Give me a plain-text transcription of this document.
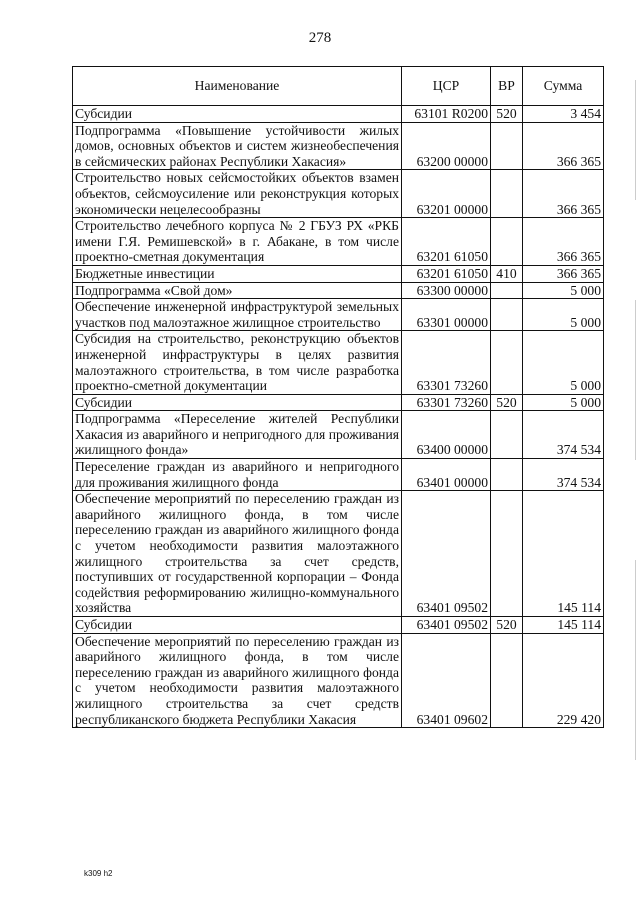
278
Наименование	ЦСР	ВР	Сумма
Субсидии	63101 R0200	520	3 454
Подпрограмма «Повышение устойчивости жилых домов, основных объектов и систем жизнеобеспечения в сейсмических районах Республики Хакасия»	63200 00000		366 365
Строительство новых сейсмостойких объектов взамен объектов, сейсмоусиление или реконструкция которых экономически нецелесообразны	63201 00000		366 365
Строительство лечебного корпуса № 2 ГБУЗ РХ «РКБ имени Г.Я. Ремишевской» в г. Абакане, в том числе проектно-сметная документация	63201 61050		366 365
Бюджетные инвестиции	63201 61050	410	366 365
Подпрограмма «Свой дом»	63300 00000		5 000
Обеспечение инженерной инфраструктурой земельных участков под малоэтажное жилищное строительство	63301 00000		5 000
Субсидия на строительство, реконструкцию объектов инженерной инфраструктуры в целях развития малоэтажного строительства, в том числе разработка проектно-сметной документации	63301 73260		5 000
Субсидии	63301 73260	520	5 000
Подпрограмма «Переселение жителей Республики Хакасия из аварийного и непригодного для проживания жилищного фонда»	63400 00000		374 534
Переселение граждан из аварийного и непригодного для проживания жилищного фонда	63401 00000		374 534
Обеспечение мероприятий по переселению граждан из аварийного жилищного фонда, в том числе переселению граждан из аварийного жилищного фонда с учетом необходимости развития малоэтажного жилищного строительства за счет средств, поступивших от государственной корпорации – Фонда содействия реформированию жилищно-коммунального хозяйства	63401 09502		145 114
Субсидии	63401 09502	520	145 114
Обеспечение мероприятий по переселению граждан из аварийного жилищного фонда, в том числе переселению граждан из аварийного жилищного фонда с учетом необходимости развития малоэтажного жилищного строительства за счет средств республиканского бюджета Республики Хакасия	63401 09602		229 420
k309 h2
